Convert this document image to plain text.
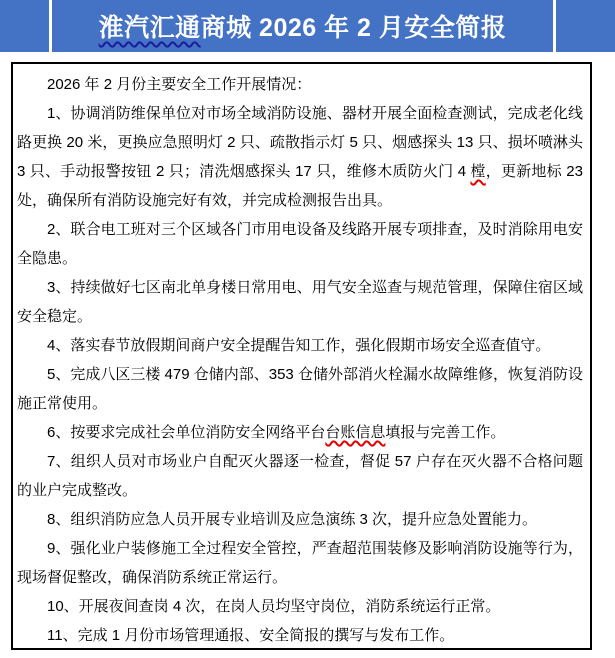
淮汽汇通商城 2026 年 2 月安全简报

2026 年 2 月份主要安全工作开展情况：

1、协调消防维保单位对市场全域消防设施、器材开展全面检查测试，完成老化线路更换 20 米，更换应急照明灯 2 只、疏散指示灯 5 只、烟感探头 13 只、损坏喷淋头 3 只、手动报警按钮 2 只；清洗烟感探头 17 只，维修木质防火门 4 樘，更新地标 23 处，确保所有消防设施完好有效，并完成检测报告出具。

2、联合电工班对三个区域各门市用电设备及线路开展专项排查，及时消除用电安全隐患。

3、持续做好七区南北单身楼日常用电、用气安全巡查与规范管理，保障住宿区域安全稳定。

4、落实春节放假期间商户安全提醒告知工作，强化假期市场安全巡查值守。

5、完成八区三楼 479 仓储内部、353 仓储外部消火栓漏水故障维修，恢复消防设施正常使用。

6、按要求完成社会单位消防安全网络平台台账信息填报与完善工作。

7、组织人员对市场业户自配灭火器逐一检查，督促 57 户存在灭火器不合格问题的业户完成整改。

8、组织消防应急人员开展专业培训及应急演练 3 次，提升应急处置能力。

9、强化业户装修施工全过程安全管控，严查超范围装修及影响消防设施等行为，现场督促整改，确保消防系统正常运行。

10、开展夜间查岗 4 次，在岗人员均坚守岗位，消防系统运行正常。

11、完成 1 月份市场管理通报、安全简报的撰写与发布工作。
